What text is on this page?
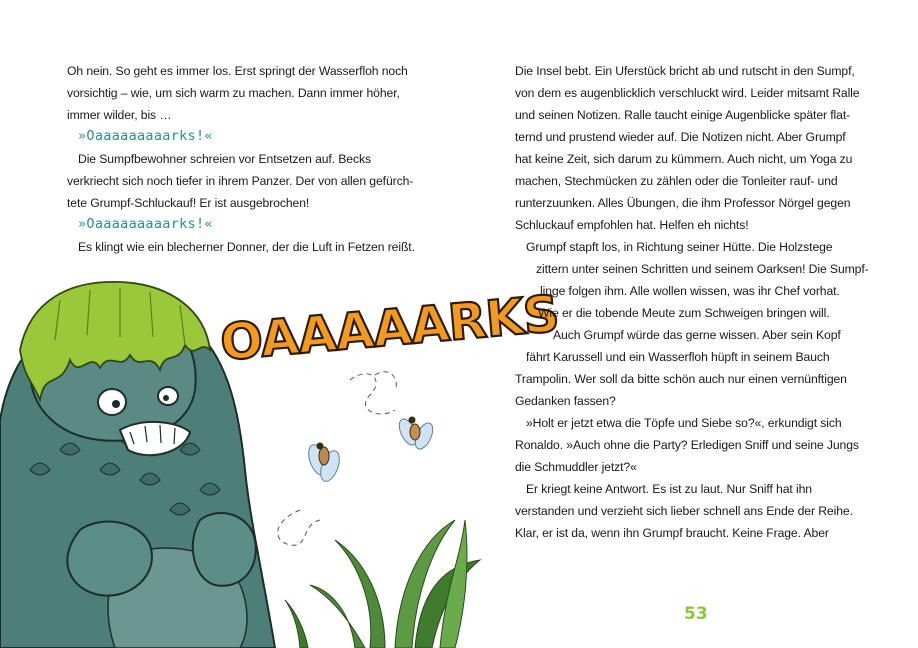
Oh nein. So geht es immer los. Erst springt der Wasserfloh noch
vorsichtig – wie, um sich warm zu machen. Dann immer höher,
immer wilder, bis …
»Oaaaaaaaaarks!«
Die Sumpfbewohner schreien vor Entsetzen auf. Becks
verkriecht sich noch tiefer in ihrem Panzer. Der von allen gefürch-
tete Grumpf-Schluckauf! Er ist ausgebrochen!
»Oaaaaaaaaarks!«
Es klingt wie ein blecherner Donner, der die Luft in Fetzen reißt.
OAAAAARKS
Die Insel bebt. Ein Uferstück bricht ab und rutscht in den Sumpf,
von dem es augenblicklich verschluckt wird. Leider mitsamt Ralle
und seinen Notizen. Ralle taucht einige Augenblicke später flat-
ternd und prustend wieder auf. Die Notizen nicht. Aber Grumpf
hat keine Zeit, sich darum zu kümmern. Auch nicht, um Yoga zu
machen, Stechmücken zu zählen oder die Tonleiter rauf- und
runterzuunken. Alles Übungen, die ihm Professor Nörgel gegen
Schluckauf empfohlen hat. Helfen eh nichts!
Grumpf stapft los, in Richtung seiner Hütte. Die Holzstege
zittern unter seinen Schritten und seinem Oarksen! Die Sumpf-
linge folgen ihm. Alle wollen wissen, was ihr Chef vorhat.
Wie er die tobende Meute zum Schweigen bringen will.
Auch Grumpf würde das gerne wissen. Aber sein Kopf
fährt Karussell und ein Wasserfloh hüpft in seinem Bauch
Trampolin. Wer soll da bitte schön auch nur einen vernünftigen
Gedanken fassen?
»Holt er jetzt etwa die Töpfe und Siebe so?«, erkundigt sich
Ronaldo. »Auch ohne die Party? Erledigen Sniff und seine Jungs
die Schmuddler jetzt?«
Er kriegt keine Antwort. Es ist zu laut. Nur Sniff hat ihn
verstanden und verzieht sich lieber schnell ans Ende der Reihe.
Klar, er ist da, wenn ihn Grumpf braucht. Keine Frage. Aber
53
